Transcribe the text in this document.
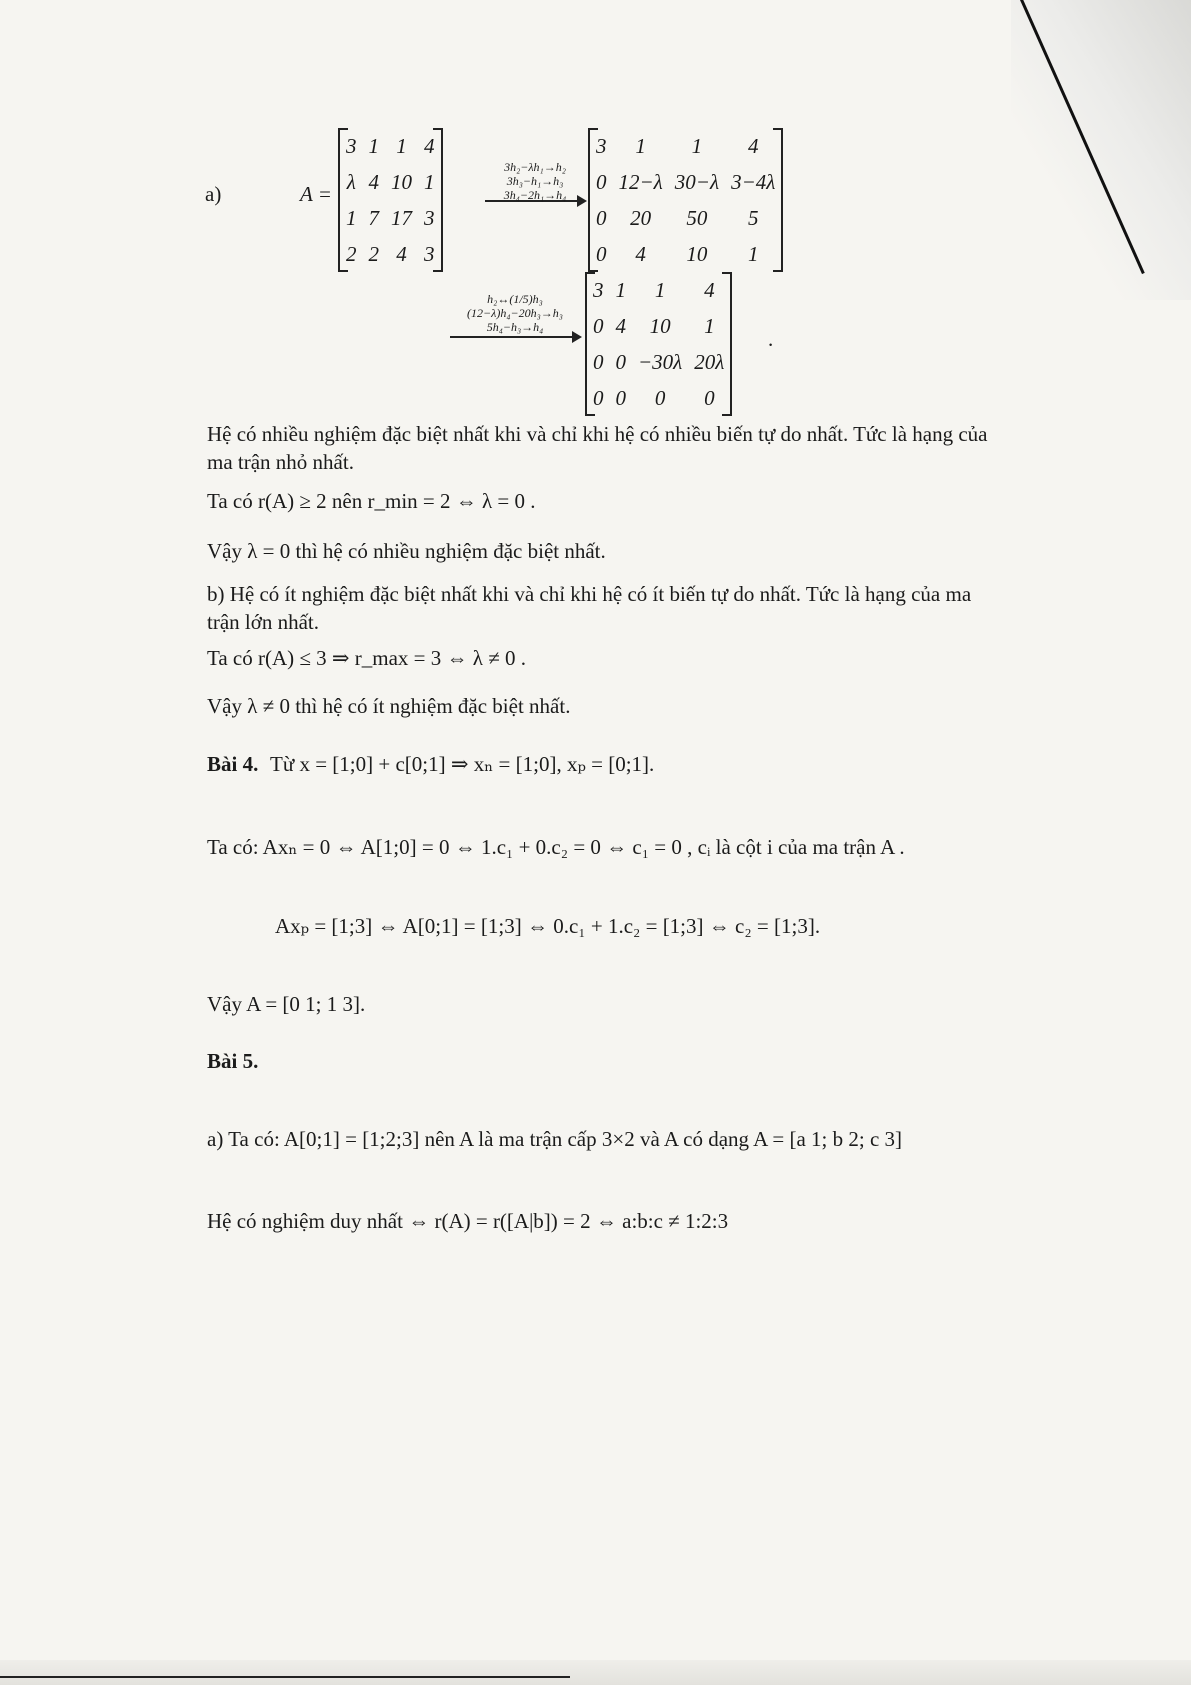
a)	A =
3	1	1	4
λ	4	10	1
1	7	17	3
2	2	4	3
3h₂−λh₁→h₂
3h₃−h₁→h₃
3h₄−2h₁→h₄
3	1	1	4
0	12−λ	30−λ	3−4λ
0	20	50	5
0	4	10	1
h₂↔(1/5)h₃
(12−λ)h₄−20h₃→h₃
5h₄−h₃→h₄
3	1	1	4
0	4	10	1
0	0	−30λ	20λ
0	0	0	0
.
Hệ có nhiều nghiệm đặc biệt nhất khi và chỉ khi hệ có nhiều biến tự do nhất. Tức là hạng của ma trận nhỏ nhất.
Ta có r(A) ≥ 2 nên r_min = 2 ⇔ λ = 0 .
Vậy λ = 0 thì hệ có nhiều nghiệm đặc biệt nhất.
b) Hệ có ít nghiệm đặc biệt nhất khi và chỉ khi hệ có ít biến tự do nhất. Tức là hạng của ma trận lớn nhất.
Ta có r(A) ≤ 3 ⇒ r_max = 3 ⇔ λ ≠ 0 .
Vậy λ ≠ 0 thì hệ có ít nghiệm đặc biệt nhất.
Bài 4. Từ x = [1;0] + c[0;1] ⇒ xₙ = [1;0], xₚ = [0;1].
Ta có: Axₙ = 0 ⇔ A[1;0] = 0 ⇔ 1.c₁ + 0.c₂ = 0 ⇔ c₁ = 0 , cᵢ là cột i của ma trận A .
Axₚ = [1;3] ⇔ A[0;1] = [1;3] ⇔ 0.c₁ + 1.c₂ = [1;3] ⇔ c₂ = [1;3].
Vậy A = [0 1; 1 3].
Bài 5.
a) Ta có: A[0;1] = [1;2;3] nên A là ma trận cấp 3×2 và A có dạng A = [a 1; b 2; c 3]
Hệ có nghiệm duy nhất ⇔ r(A) = r([A|b]) = 2 ⇔ a:b:c ≠ 1:2:3
